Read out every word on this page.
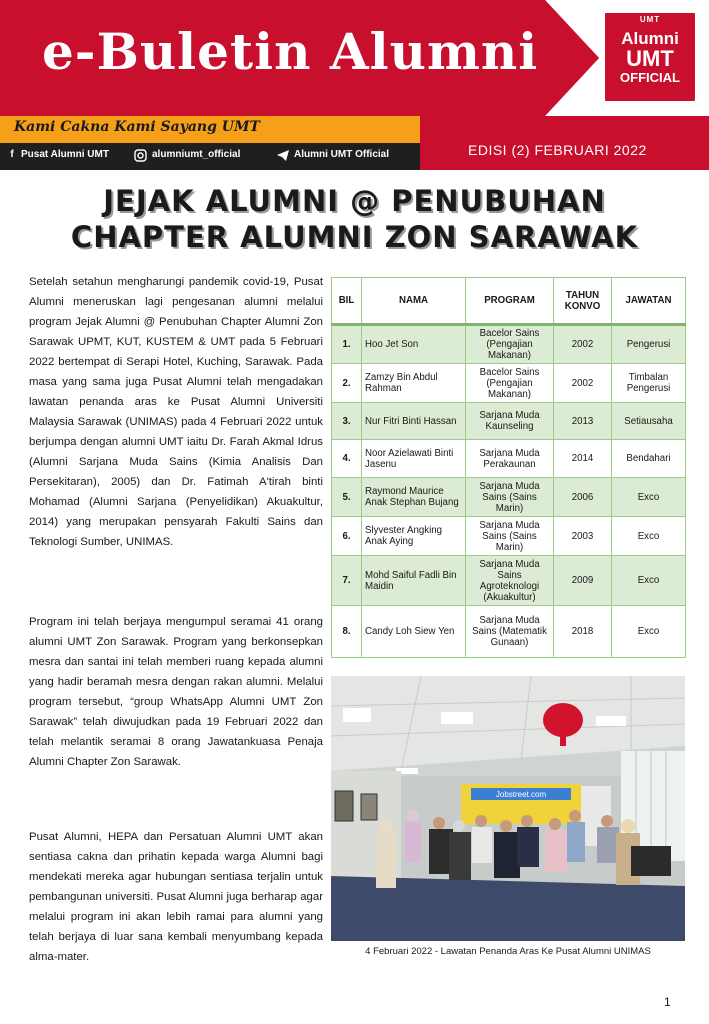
e-Buletin Alumni
UMT
Alumni
UMT
OFFICIAL
Kami Cakna Kami Sayang UMT
f Pusat Alumni UMT	alumniumt_official	Alumni UMT Official	EDISI (2) FEBRUARI 2022
JEJAK ALUMNI @ PENUBUHAN
CHAPTER ALUMNI ZON SARAWAK
Setelah setahun mengharungi pandemik covid-19, Pusat Alumni meneruskan lagi pengesanan alumni melalui program Jejak Alumni @ Penubuhan Chapter Alumni Zon Sarawak UPMT, KUT, KUSTEM & UMT pada 5 Februari 2022 bertempat di Serapi Hotel, Kuching, Sarawak. Pada masa yang sama juga Pusat Alumni telah mengadakan lawatan penanda aras ke Pusat Alumni Universiti Malaysia Sarawak (UNIMAS) pada 4 Februari 2022 untuk berjumpa dengan alumni UMT iaitu Dr. Farah Akmal Idrus (Alumni Sarjana Muda Sains (Kimia Analisis Dan Persekitaran), 2005) dan Dr. Fatimah A'tirah binti Mohamad (Alumni Sarjana (Penyelidikan) Akuakultur, 2014) yang merupakan pensyarah Fakulti Sains dan Teknologi Sumber, UNIMAS.
Program ini telah berjaya mengumpul seramai 41 orang alumni UMT Zon Sarawak. Program yang berkonsepkan mesra dan santai ini telah memberi ruang kepada alumni yang hadir beramah mesra dengan rakan alumni. Melalui program tersebut, “group WhatsApp Alumni UMT Zon Sarawak” telah diwujudkan pada 19 Februari 2022 dan telah melantik seramai 8 orang Jawatankuasa Penaja Alumni Chapter Zon Sarawak.
Pusat Alumni, HEPA dan Persatuan Alumni UMT akan sentiasa cakna dan prihatin kepada warga Alumni bagi mendekati mereka agar hubungan sentiasa terjalin untuk pembangunan universiti. Pusat Alumni juga berharap agar melalui program ini akan lebih ramai para alumni yang telah berjaya di luar sana kembali menyumbang kepada alma-mater.
BIL	NAMA	PROGRAM	TAHUN KONVO	JAWATAN
1.	Hoo Jet Son	Bacelor Sains (Pengajian Makanan)	2002	Pengerusi
2.	Zamzy Bin Abdul Rahman	Bacelor Sains (Pengajian Makanan)	2002	Timbalan Pengerusi
3.	Nur Fitri Binti Hassan	Sarjana Muda Kaunseling	2013	Setiausaha
4.	Noor Azielawati Binti Jasenu	Sarjana Muda Perakaunan	2014	Bendahari
5.	Raymond Maurice Anak Stephan Bujang	Sarjana Muda Sains (Sains Marin)	2006	Exco
6.	Slyvester Angking Anak Aying	Sarjana Muda Sains (Sains Marin)	2003	Exco
7.	Mohd Saiful Fadli Bin Maidin	Sarjana Muda Sains Agroteknologi (Akuakultur)	2009	Exco
8.	Candy Loh Siew Yen	Sarjana Muda Sains (Matematik Gunaan)	2018	Exco
Jobstreet.com
4 Februari 2022 - Lawatan Penanda Aras Ke Pusat Alumni UNIMAS
1
